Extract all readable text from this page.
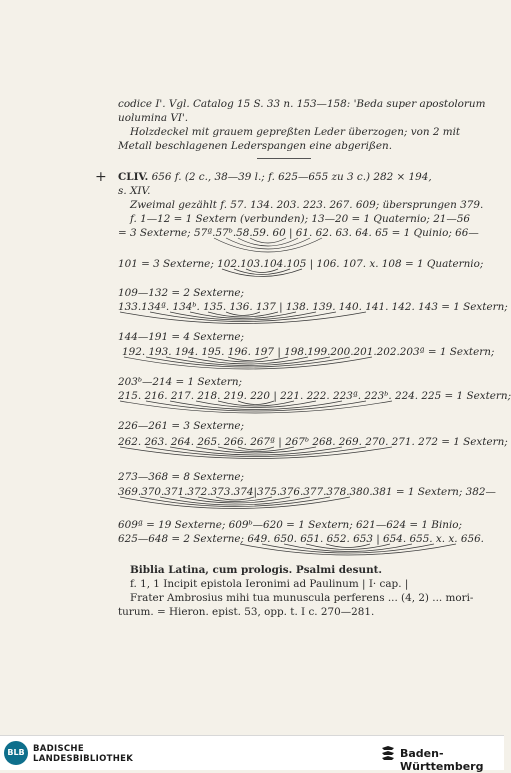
codice I'. Vgl. Catalog 15 S. 33 n. 153—158: 'Beda super apostolorum
uolumina VI'.
Holzdeckel mit grauem gepreßten Leder überzogen; von 2 mit
Metall beschlagenen Lederspangen eine abgerißen.
+ CLIV. 656 f. (2 c., 38—39 l.; f. 625—655 zu 3 c.) 282 ⨯ 194,
s. XIV.
Zweimal gezählt f. 57. 134. 203. 223. 267. 609; übersprungen 379.
f. 1—12 = 1 Sextern (verbunden); 13—20 = 1 Quaternio; 21—56
= 3 Sexterne; 57ª.57ᵇ.58.59. 60 | 61. 62. 63. 64. 65 = 1 Quinio; 66—
101 = 3 Sexterne; 102.103.104.105 | 106. 107. x. 108 = 1 Quaternio;
109—132 = 2 Sexterne;
133.134ª. 134ᵇ. 135. 136. 137 | 138. 139. 140. 141. 142. 143 = 1 Sextern;
144—191 = 4 Sexterne;
192. 193. 194. 195. 196. 197 | 198.199.200.201.202.203ª = 1 Sextern;
203ᵇ—214 = 1 Sextern;
215. 216. 217. 218. 219. 220 | 221. 222. 223ª. 223ᵇ. 224. 225 = 1 Sextern;
226—261 = 3 Sexterne;
262. 263. 264. 265. 266. 267ª | 267ᵇ 268. 269. 270. 271. 272 = 1 Sextern;
273—368 = 8 Sexterne;
369.370.371.372.373.374|375.376.377.378.380.381 = 1 Sextern; 382—
609ª = 19 Sexterne; 609ᵇ—620 = 1 Sextern; 621—624 = 1 Binio;
625—648 = 2 Sexterne; 649. 650. 651. 652. 653 | 654. 655. x. x. 656.
Biblia Latina, cum prologis. Psalmi desunt.
f. 1, 1 Incipit epistola Ieronimi ad Paulinum | I· cap. |
Frater Ambrosius mihi tua munuscula perferens ... (4, 2) ... mori-
turum. = Hieron. epist. 53, opp. t. I c. 270—281.
BLB BADISCHE
LANDESBIBLIOTHEK	Baden-Württemberg
